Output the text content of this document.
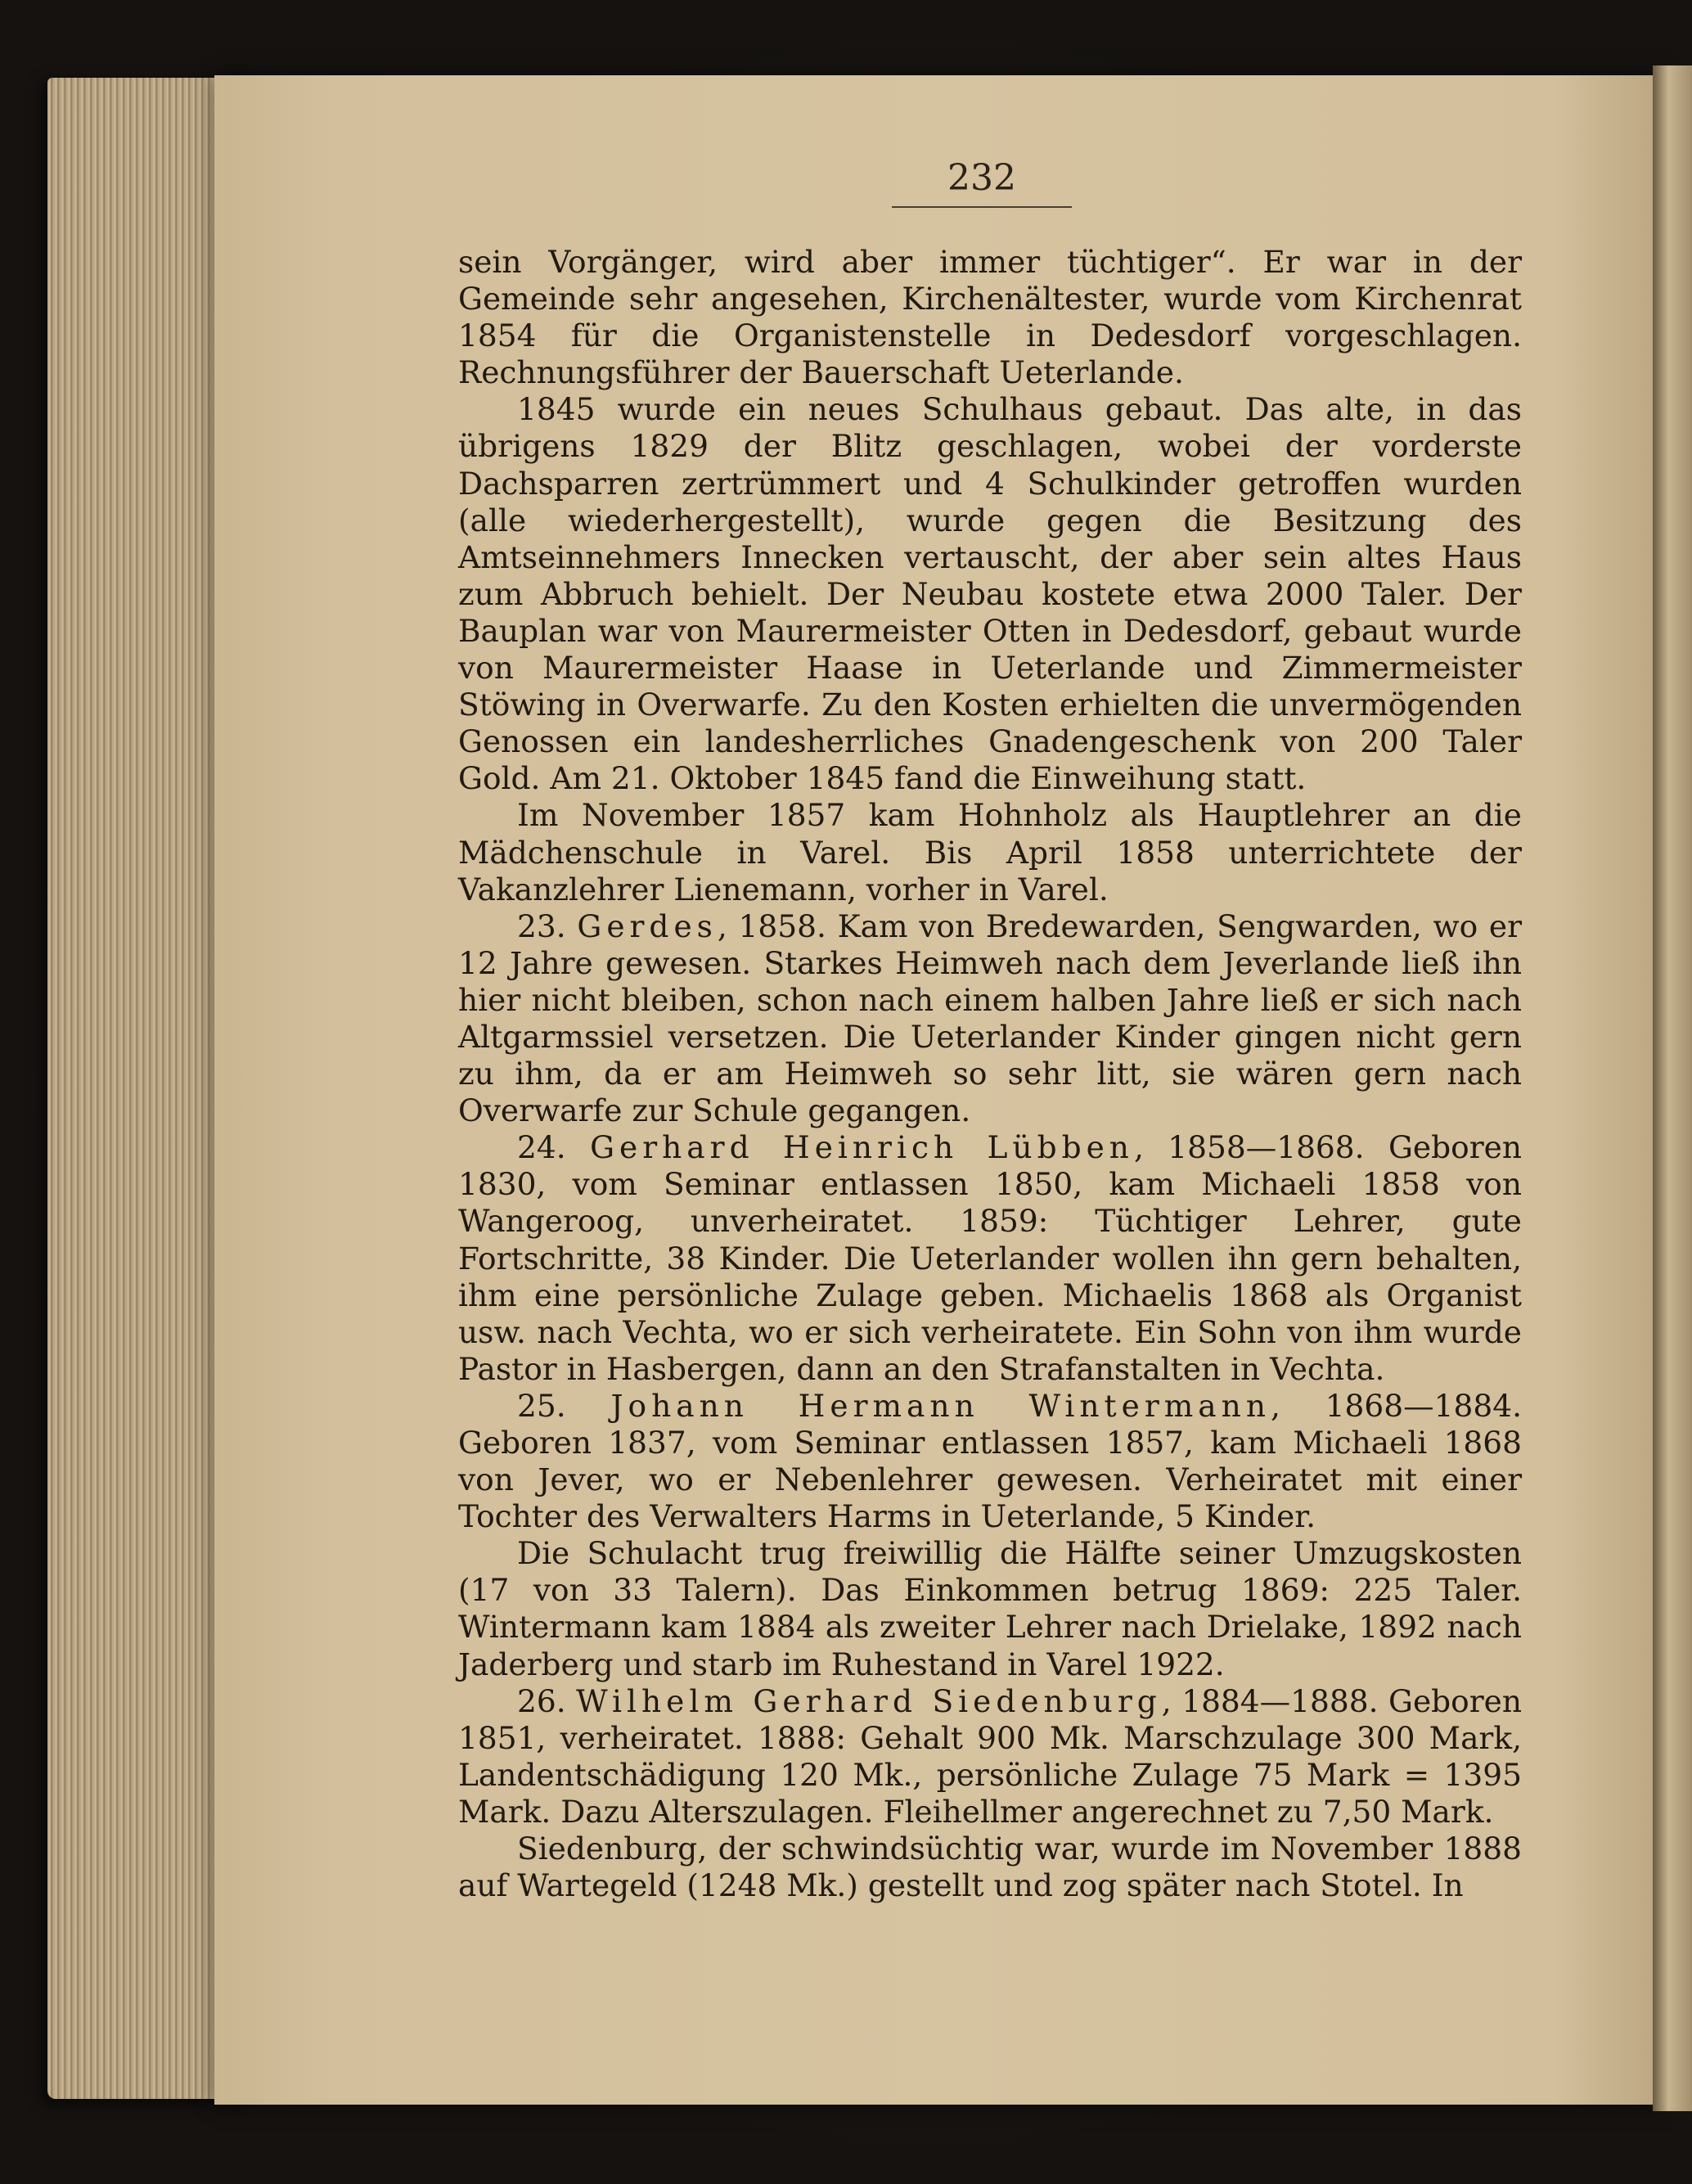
232

sein Vorgänger, wird aber immer tüchtiger“. Er war in der Gemeinde sehr angesehen, Kirchenältester, wurde vom Kirchenrat 1854 für die Organistenstelle in Dedesdorf vorgeschlagen. Rechnungsführer der Bauerschaft Ueterlande.

1845 wurde ein neues Schulhaus gebaut. Das alte, in das übrigens 1829 der Blitz geschlagen, wobei der vorderste Dachsparren zertrümmert und 4 Schulkinder getroffen wurden (alle wiederhergestellt), wurde gegen die Besitzung des Amtseinnehmers Innecken vertauscht, der aber sein altes Haus zum Abbruch behielt. Der Neubau kostete etwa 2000 Taler. Der Bauplan war von Maurermeister Otten in Dedesdorf, gebaut wurde von Maurermeister Haase in Ueterlande und Zimmermeister Stöwing in Overwarfe. Zu den Kosten erhielten die unvermögenden Genossen ein landesherrliches Gnadengeschenk von 200 Taler Gold. Am 21. Oktober 1845 fand die Einweihung statt.

Im November 1857 kam Hohnholz als Hauptlehrer an die Mädchenschule in Varel. Bis April 1858 unterrichtete der Vakanzlehrer Lienemann, vorher in Varel.

23. Gerdes, 1858. Kam von Bredewarden, Sengwarden, wo er 12 Jahre gewesen. Starkes Heimweh nach dem Jeverlande ließ ihn hier nicht bleiben, schon nach einem halben Jahre ließ er sich nach Altgarmssiel versetzen. Die Ueterlander Kinder gingen nicht gern zu ihm, da er am Heimweh so sehr litt, sie wären gern nach Overwarfe zur Schule gegangen.

24. Gerhard Heinrich Lübben, 1858—1868. Geboren 1830, vom Seminar entlassen 1850, kam Michaeli 1858 von Wangeroog, unverheiratet. 1859: Tüchtiger Lehrer, gute Fortschritte, 38 Kinder. Die Ueterlander wollen ihn gern behalten, ihm eine persönliche Zulage geben. Michaelis 1868 als Organist usw. nach Vechta, wo er sich verheiratete. Ein Sohn von ihm wurde Pastor in Hasbergen, dann an den Strafanstalten in Vechta.

25. Johann Hermann Wintermann, 1868—1884. Geboren 1837, vom Seminar entlassen 1857, kam Michaeli 1868 von Jever, wo er Nebenlehrer gewesen. Verheiratet mit einer Tochter des Verwalters Harms in Ueterlande, 5 Kinder.

Die Schulacht trug freiwillig die Hälfte seiner Umzugskosten (17 von 33 Talern). Das Einkommen betrug 1869: 225 Taler. Wintermann kam 1884 als zweiter Lehrer nach Drielake, 1892 nach Jaderberg und starb im Ruhestand in Varel 1922.

26. Wilhelm Gerhard Siedenburg, 1884—1888. Geboren 1851, verheiratet. 1888: Gehalt 900 Mk. Marschzulage 300 Mark, Landentschädigung 120 Mk., persönliche Zulage 75 Mark = 1395 Mark. Dazu Alterszulagen. Fleihellmer angerechnet zu 7,50 Mark.

Siedenburg, der schwindsüchtig war, wurde im November 1888 auf Wartegeld (1248 Mk.) gestellt und zog später nach Stotel. In
